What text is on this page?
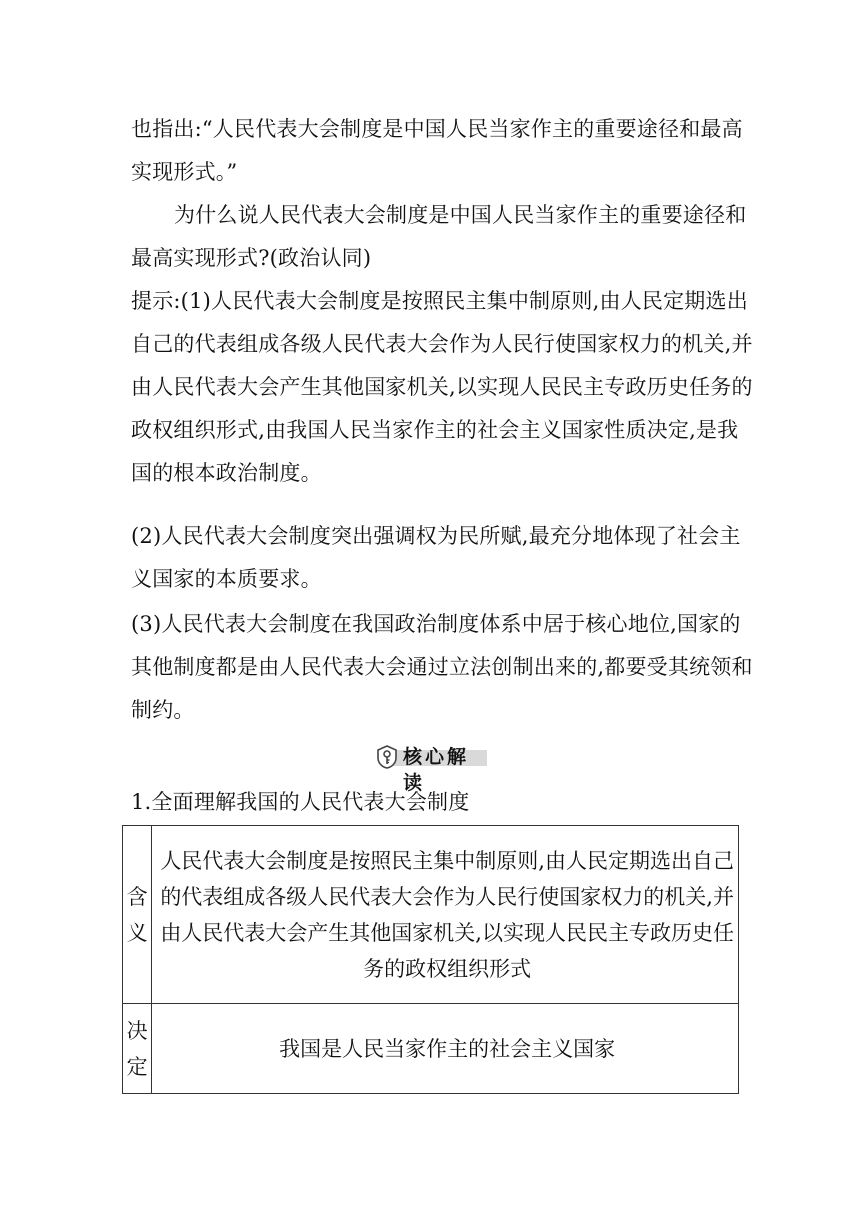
也指出:“人民代表大会制度是中国人民当家作主的重要途径和最高
实现形式。”
为什么说人民代表大会制度是中国人民当家作主的重要途径和
最高实现形式?(政治认同)
提示:(1)人民代表大会制度是按照民主集中制原则,由人民定期选出
自己的代表组成各级人民代表大会作为人民行使国家权力的机关,并
由人民代表大会产生其他国家机关,以实现人民民主专政历史任务的
政权组织形式,由我国人民当家作主的社会主义国家性质决定,是我
国的根本政治制度。
(2)人民代表大会制度突出强调权为民所赋,最充分地体现了社会主
义国家的本质要求。
(3)人民代表大会制度在我国政治制度体系中居于核心地位,国家的
其他制度都是由人民代表大会通过立法创制出来的,都要受其统领和
制约。
核心解读
1.全面理解我国的人民代表大会制度
含
义	人民代表大会制度是按照民主集中制原则,由人民定期选出自己
的代表组成各级人民代表大会作为人民行使国家权力的机关,并
由人民代表大会产生其他国家机关,以实现人民民主专政历史任
务的政权组织形式

决
定	我国是人民当家作主的社会主义国家
